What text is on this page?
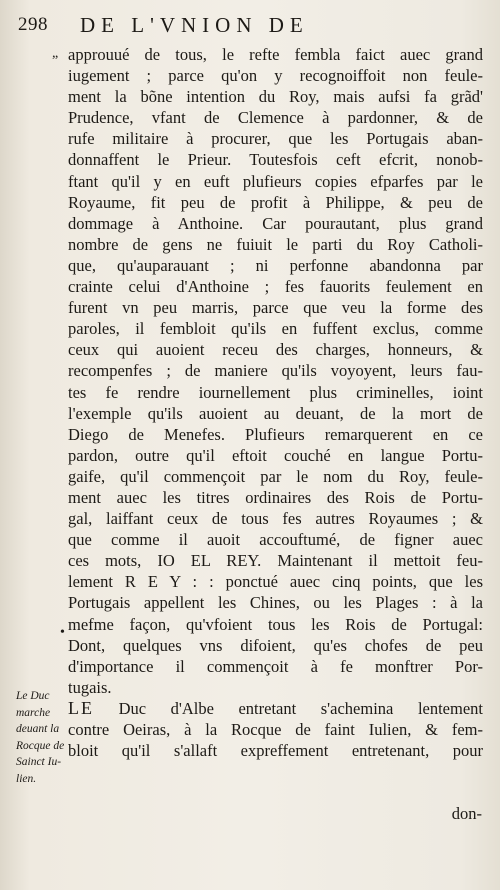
298 DE L'VNION DE
„
•
approuué de tous, le refte fembla faict auec grand
iugement ; parce qu'on y recognoiffoit non feule-
ment la bõne intention du Roy, mais aufsi fa grãd'
Prudence, vfant de Clemence à pardonner, & de
rufe militaire à procurer, que les Portugais aban-
donnaffent le Prieur. Toutesfois ceft efcrit, nonob-
ftant qu'il y en euft plufieurs copies efparfes par le
Royaume, fit peu de profit à Philippe, & peu de
dommage à Anthoine. Car pourautant, plus grand
nombre de gens ne fuiuit le parti du Roy Catholi-
que, qu'auparauant ; ni perfonne abandonna par
crainte celui d'Anthoine ; fes fauorits feulement en
furent vn peu marris, parce que veu la forme des
paroles, il fembloit qu'ils en fuffent exclus, comme
ceux qui auoient receu des charges, honneurs, &
recompenfes ; de maniere qu'ils voyoyent, leurs fau-
tes fe rendre iournellement plus criminelles, ioint
l'exemple qu'ils auoient au deuant, de la mort de
Diego de Menefes. Plufieurs remarquerent en ce
pardon, outre qu'il eftoit couché en langue Portu-
gaife, qu'il commençoit par le nom du Roy, feule-
ment auec les titres ordinaires des Rois de Portu-
gal, laiffant ceux de tous fes autres Royaumes ; &
que comme il auoit accouftumé, de figner auec
ces mots, IO EL REY. Maintenant il mettoit feu-
lement R E Y : : ponctué auec cinq points, que les
Portugais appellent les Chines, ou les Plages : à la
mefme façon, qu'vfoient tous les Rois de Portugal:
Dont, quelques vns difoient, qu'es chofes de peu
d'importance il commençoit à fe monftrer Por-
tugais.
LE Duc d'Albe entretant s'achemina lentement
contre Oeiras, à la Rocque de faint Iulien, & fem-
bloit qu'il s'allaft expreffement entretenant, pour
Le Duc
marche
deuant la
Rocque de
Sainct Iu-
lien.
don-
